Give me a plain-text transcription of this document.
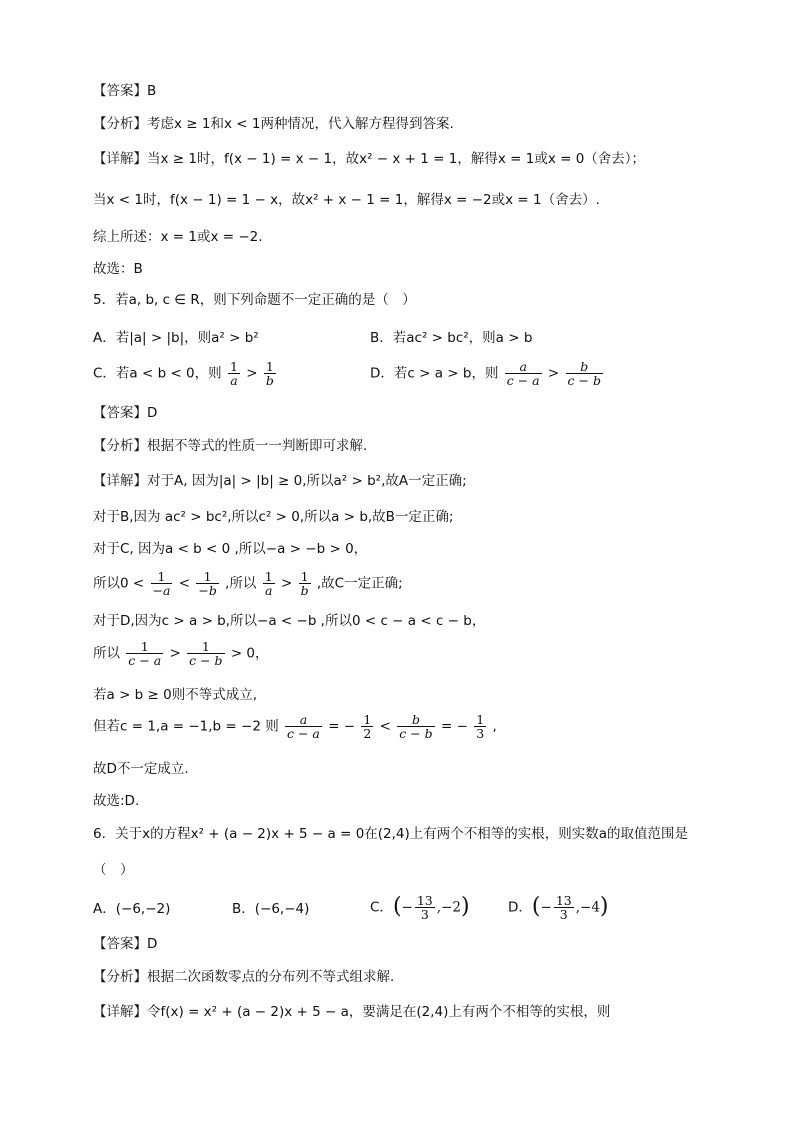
【答案】B
【分析】考虑x ≥ 1和x < 1两种情况，代入解方程得到答案.
【详解】当x ≥ 1时，f(x − 1) = x − 1，故x² − x + 1 = 1，解得x = 1或x = 0（舍去）；
当x < 1时，f(x − 1) = 1 − x，故x² + x − 1 = 1，解得x = −2或x = 1（舍去）.
综上所述：x = 1或x = −2.
故选：B
5．若a, b, c ∈ R，则下列命题不一定正确的是（　）
A．若|a| > |b|，则a² > b²	B．若ac² > bc²，则a > b
C．若a < b < 0，则 $\frac{1}{a} > \frac{1}{b}$	D．若c > a > b，则 $\frac{a}{c - a} > \frac{b}{c - b}$
【答案】D
【分析】根据不等式的性质一一判断即可求解.
【详解】对于A, 因为|a| > |b| ≥ 0,所以a² > b²,故A一定正确;
对于B,因为 ac² > bc²,所以c² > 0,所以a > b,故B一定正确;
对于C, 因为a < b < 0 ,所以−a > −b > 0，
所以$0 < \frac{1}{-a} < \frac{1}{-b}$ ,所以 $\frac{1}{a} > \frac{1}{b}$ ,故C一定正确;
对于D,因为c > a > b,所以−a < −b ,所以0 < c − a < c − b，
所以 $\frac{1}{c - a} > \frac{1}{c - b} > 0$，
若a > b ≥ 0则不等式成立,
但若c = 1,a = −1,b = −2 则 $\frac{a}{c - a}$ = − $\frac{1}{2} < \frac{b}{c - b}$ = − $\frac{1}{3}$ ,
故D不一定成立.
故选:D.
6．关于x的方程x² + (a − 2)x + 5 − a = 0在(2,4)上有两个不相等的实根，则实数a的取值范围是
（　）
A．(−6,−2)	B．(−6,−4)	C．(− $\frac{13}{3} ,-2$)	D．(− $\frac{13}{3} ,-4$)
【答案】D
【分析】根据二次函数零点的分布列不等式组求解.
【详解】令f(x) = x² + (a − 2)x + 5 − a，要满足在(2,4)上有两个不相等的实根，则
